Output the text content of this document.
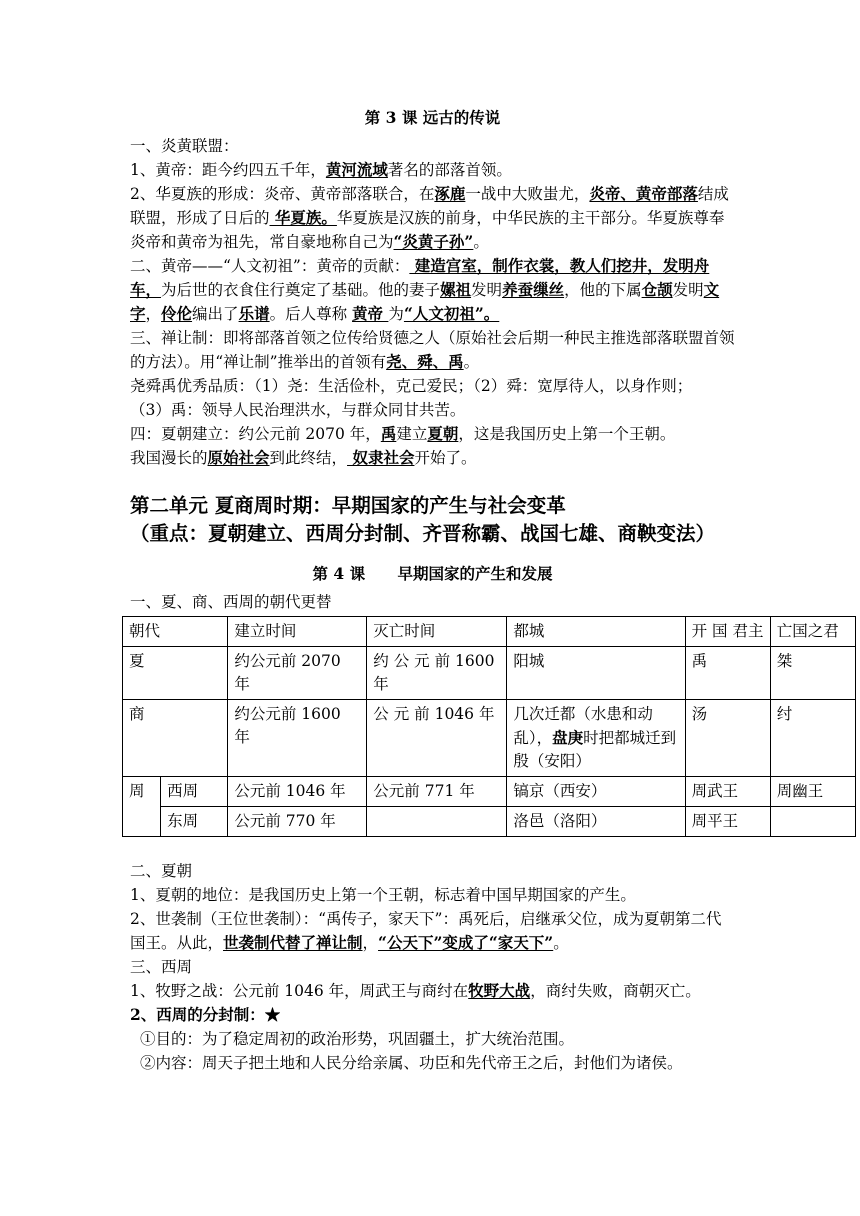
第 3 课 远古的传说
一、炎黄联盟：
1、黄帝：距今约四五千年，黄河流域著名的部落首领。
2、华夏族的形成：炎帝、黄帝部落联合，在涿鹿一战中大败蚩尤，炎帝、黄帝部落结成联盟，形成了日后的 华夏族。华夏族是汉族的前身，中华民族的主干部分。华夏族尊奉炎帝和黄帝为祖先，常自豪地称自己为“炎黄子孙”。
二、黄帝——“人文初祖”：黄帝的贡献： 建造宫室，制作衣裳，教人们挖井，发明舟车，为后世的衣食住行奠定了基础。他的妻子嫘祖发明养蚕缫丝，他的下属仓颉发明文字，伶伦编出了乐谱。后人尊称 黄帝 为“人文初祖”。
三、禅让制：即将部落首领之位传给贤德之人（原始社会后期一种民主推选部落联盟首领的方法）。用“禅让制”推举出的首领有尧、舜、禹。
尧舜禹优秀品质：（1）尧：生活俭朴，克己爱民；（2）舜：宽厚待人，以身作则；
（3）禹：领导人民治理洪水，与群众同甘共苦。
四：夏朝建立：约公元前 2070 年，禹建立夏朝，这是我国历史上第一个王朝。
我国漫长的原始社会到此终结， 奴隶社会开始了。
第二单元 夏商周时期：早期国家的产生与社会变革
（重点：夏朝建立、西周分封制、齐晋称霸、战国七雄、商鞅变法）
第 4 课      早期国家的产生和发展
一、夏、商、西周的朝代更替
朝代		建立时间	灭亡时间	都城	开 国 君主	亡国之君
夏		约公元前 2070 年	约 公 元 前 1600 年	阳城	禹	桀
商		约公元前 1600 年	公 元 前 1046 年	几次迁都（水患和动乱），盘庚时把都城迁到殷（安阳）	汤	纣
周	西周	公元前 1046 年	公元前 771 年	镐京（西安）	周武王	周幽王
	东周	公元前 770 年		洛邑（洛阳）	周平王	
二、夏朝
1、夏朝的地位：是我国历史上第一个王朝，标志着中国早期国家的产生。
2、世袭制（王位世袭制）：“禹传子，家天下”：禹死后，启继承父位，成为夏朝第二代国王。从此，世袭制代替了禅让制，“公天下”变成了“家天下”。
三、西周
1、牧野之战：公元前 1046 年，周武王与商纣在牧野大战，商纣失败，商朝灭亡。
2、西周的分封制：★
①目的：为了稳定周初的政治形势，巩固疆土，扩大统治范围。
②内容：周天子把土地和人民分给亲属、功臣和先代帝王之后，封他们为诸侯。
